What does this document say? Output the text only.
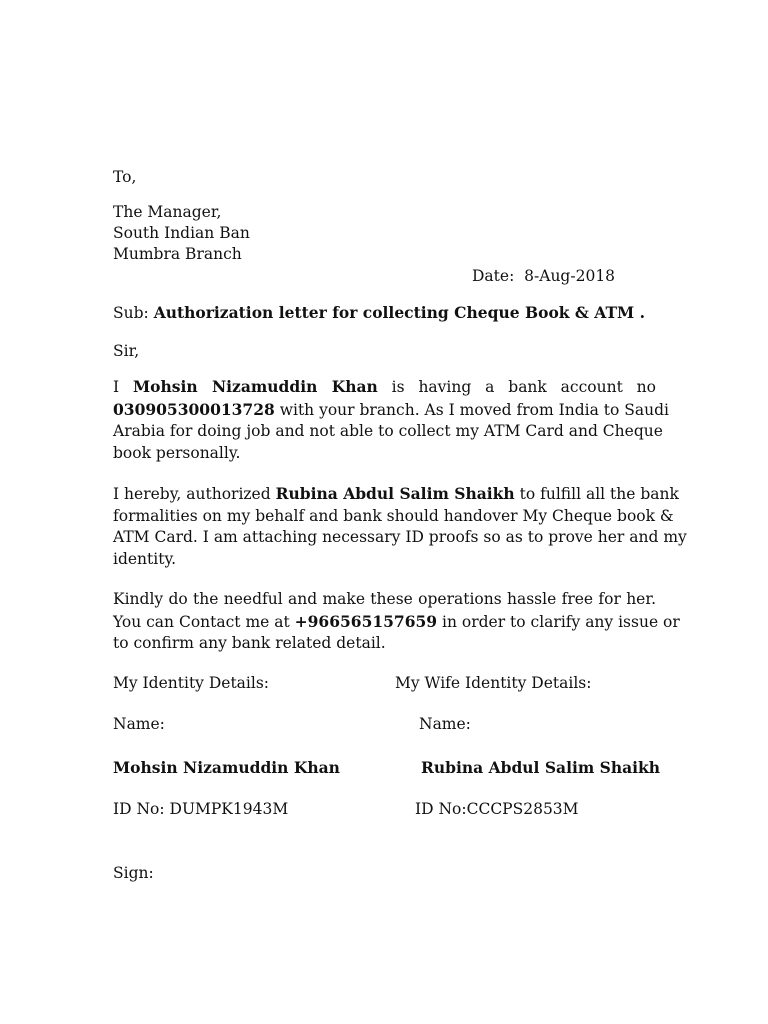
To,
The Manager,
South Indian Ban
Mumbra Branch
Date: 8-Aug-2018
Sub: Authorization letter for collecting Cheque Book & ATM .
Sir,
I Mohsin Nizamuddin Khan is having a bank account no
030905300013728 with your branch. As I moved from India to Saudi
Arabia for doing job and not able to collect my ATM Card and Cheque
book personally.
I hereby, authorized Rubina Abdul Salim Shaikh to fulfill all the bank
formalities on my behalf and bank should handover My Cheque book &
ATM Card. I am attaching necessary ID proofs so as to prove her and my
identity.
Kindly do the needful and make these operations hassle free for her.
You can Contact me at +966565157659 in order to clarify any issue or
to confirm any bank related detail.
My Identity Details:	My Wife Identity Details:
Name:	Name:
Mohsin Nizamuddin Khan	Rubina Abdul Salim Shaikh
ID No: DUMPK1943M	ID No:CCCPS2853M
Sign:
